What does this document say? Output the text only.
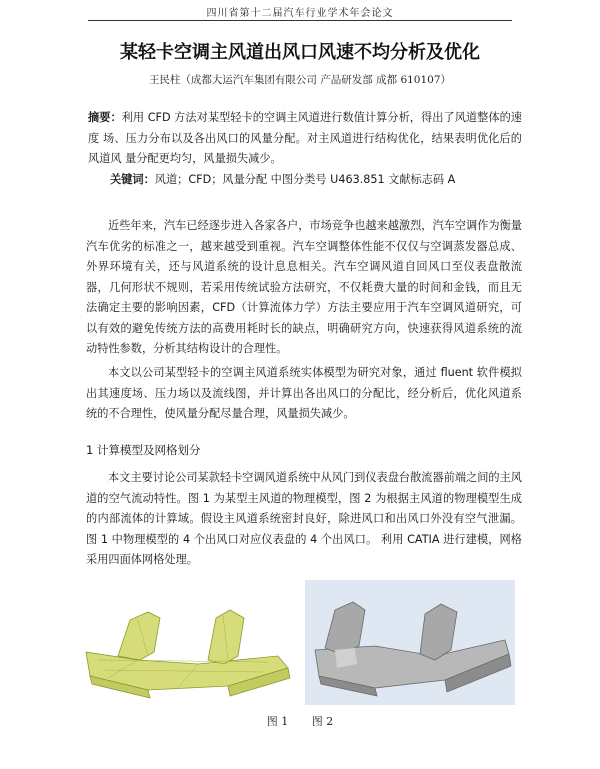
四川省第十二届汽车行业学术年会论文
某轻卡空调主风道出风口风速不均分析及优化
王民柱（成都大运汽车集团有限公司 产品研发部 成都 610107）
摘要：利用 CFD 方法对某型轻卡的空调主风道进行数值计算分析，得出了风道整体的速度 场、压力分布以及各出风口的风量分配。对主风道进行结构优化，结果表明优化后的风道风 量分配更均匀，风量损失减少。
关键词：风道；CFD；风量分配 中图分类号 U463.851 文献标志码 A
近些年来，汽车已经逐步进入各家各户，市场竞争也越来越激烈，汽车空调作为衡量汽车优劣的标准之一，越来越受到重视。汽车空调整体性能不仅仅与空调蒸发器总成、外界环境有关，还与风道系统的设计息息相关。汽车空调风道自回风口至仪表盘散流器，几何形状不规则，若采用传统试验方法研究，不仅耗费大量的时间和金钱，而且无法确定主要的影响因素，CFD（计算流体力学）方法主要应用于汽车空调风道研究，可以有效的避免传统方法的高费用耗时长的缺点，明确研究方向，快速获得风道系统的流动特性参数，分析其结构设计的合理性。
本文以公司某型轻卡的空调主风道系统实体模型为研究对象，通过 fluent 软件模拟出其速度场、压力场以及流线图，并计算出各出风口的分配比，经分析后，优化风道系统的不合理性，使风量分配尽量合理，风量损失减少。
1 计算模型及网格划分
本文主要讨论公司某款轻卡空调风道系统中从风门到仪表盘台散流器前端之间的主风道的空气流动特性。图 1 为某型主风道的物理模型，图 2 为根据主风道的物理模型生成的内部流体的计算域。假设主风道系统密封良好，除进风口和出风口外没有空气泄漏。图 1 中物理模型的 4 个出风口对应仪表盘的 4 个出风口。 利用 CATIA 进行建模，网格采用四面体网格处理。
图 1 图 2
